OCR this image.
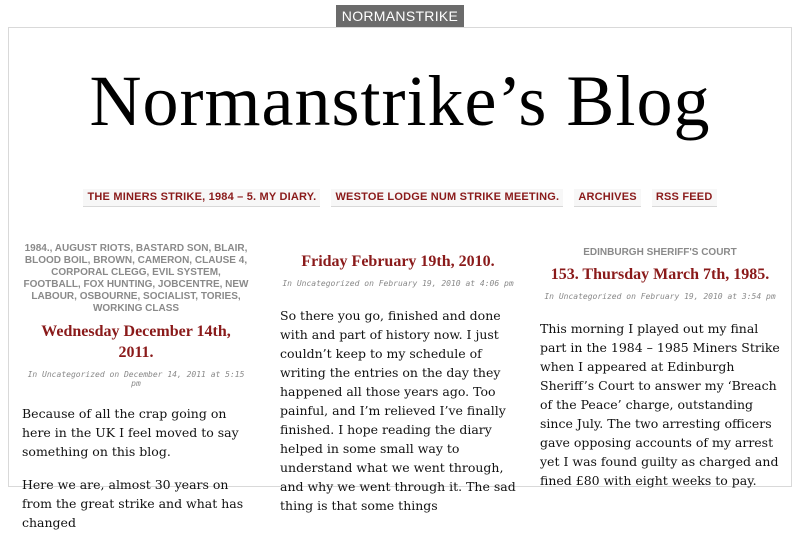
NORMANSTRIKE
Normanstrike’s Blog
THE MINERS STRIKE, 1984 – 5. MY DIARY. WESTOE LODGE NUM STRIKE MEETING. ARCHIVES RSS FEED
1984., AUGUST RIOTS, BASTARD SON, BLAIR, BLOOD BOIL, BROWN, CAMERON, CLAUSE 4, CORPORAL CLEGG, EVIL SYSTEM, FOOTBALL, FOX HUNTING, JOBCENTRE, NEW LABOUR, OSBOURNE, SOCIALIST, TORIES, WORKING CLASS
Wednesday December 14th, 2011.
In Uncategorized on December 14, 2011 at 5:15 pm

Because of all the crap going on here in the UK I feel moved to say something on this blog.

Here we are, almost 30 years on from the great strike and what has changed

Friday February 19th, 2010.
In Uncategorized on February 19, 2010 at 4:06 pm

So there you go, finished and done with and part of history now. I just couldn’t keep to my schedule of writing the entries on the day they happened all those years ago. Too painful, and I’m relieved I’ve finally finished. I hope reading the diary helped in some small way to understand what we went through, and why we went through it. The sad thing is that some things

EDINBURGH SHERIFF'S COURT
153. Thursday March 7th, 1985.
In Uncategorized on February 19, 2010 at 3:54 pm

This morning I played out my final part in the 1984 – 1985 Miners Strike when I appeared at Edinburgh Sheriff’s Court to answer my ‘Breach of the Peace’ charge, outstanding since July. The two arresting officers gave opposing accounts of my arrest yet I was found guilty as charged and fined £80 with eight weeks to pay.
